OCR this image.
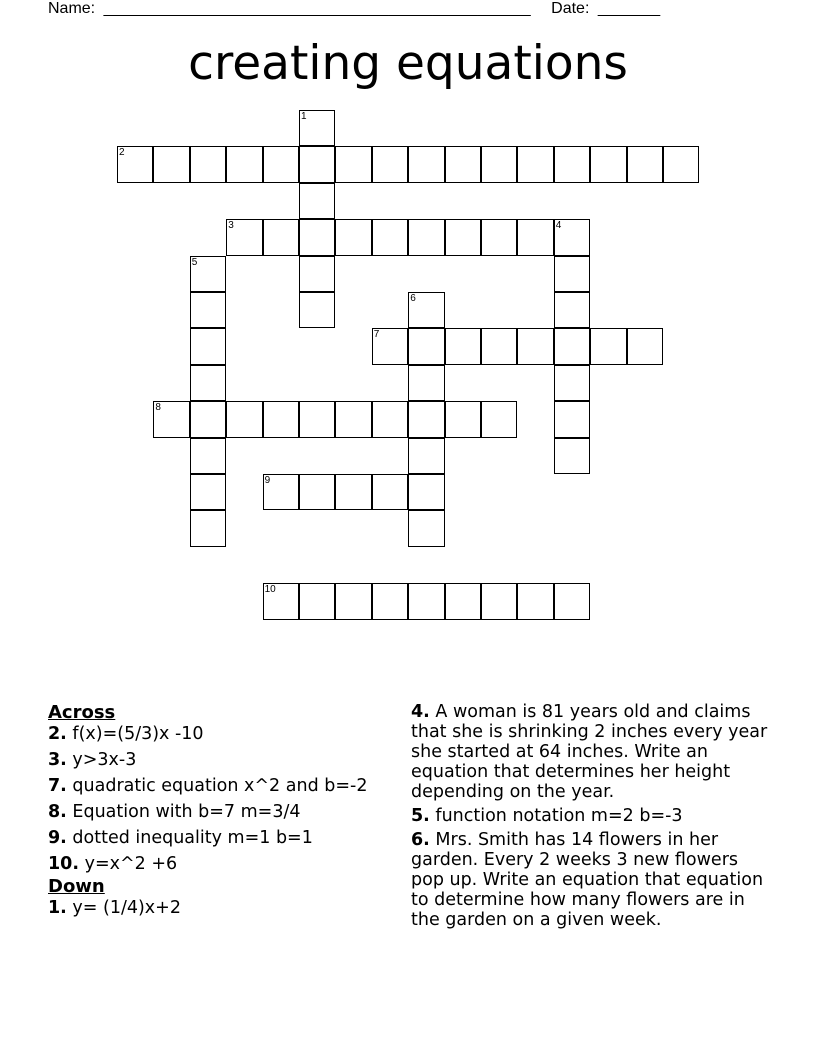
Name: ________________________________________________ Date: _______
creating equations
1
2
3	4
5
6
7
8
9
10

Across

2. f(x)=(5/3)x -10

3. y>3x-3

7. quadratic equation x^2 and b=-2

8. Equation with b=7 m=3/4

9. dotted inequality m=1 b=1

10. y=x^2 +6

Down

1. y= (1/4)x+2

4. A woman is 81 years old and claims that she is shrinking 2 inches every year she started at 64 inches. Write an equation that determines her height depending on the year.

5. function notation m=2 b=-3

6. Mrs. Smith has 14 flowers in her garden. Every 2 weeks 3 new flowers pop up. Write an equation that equation to determine how many flowers are in the garden on a given week.
